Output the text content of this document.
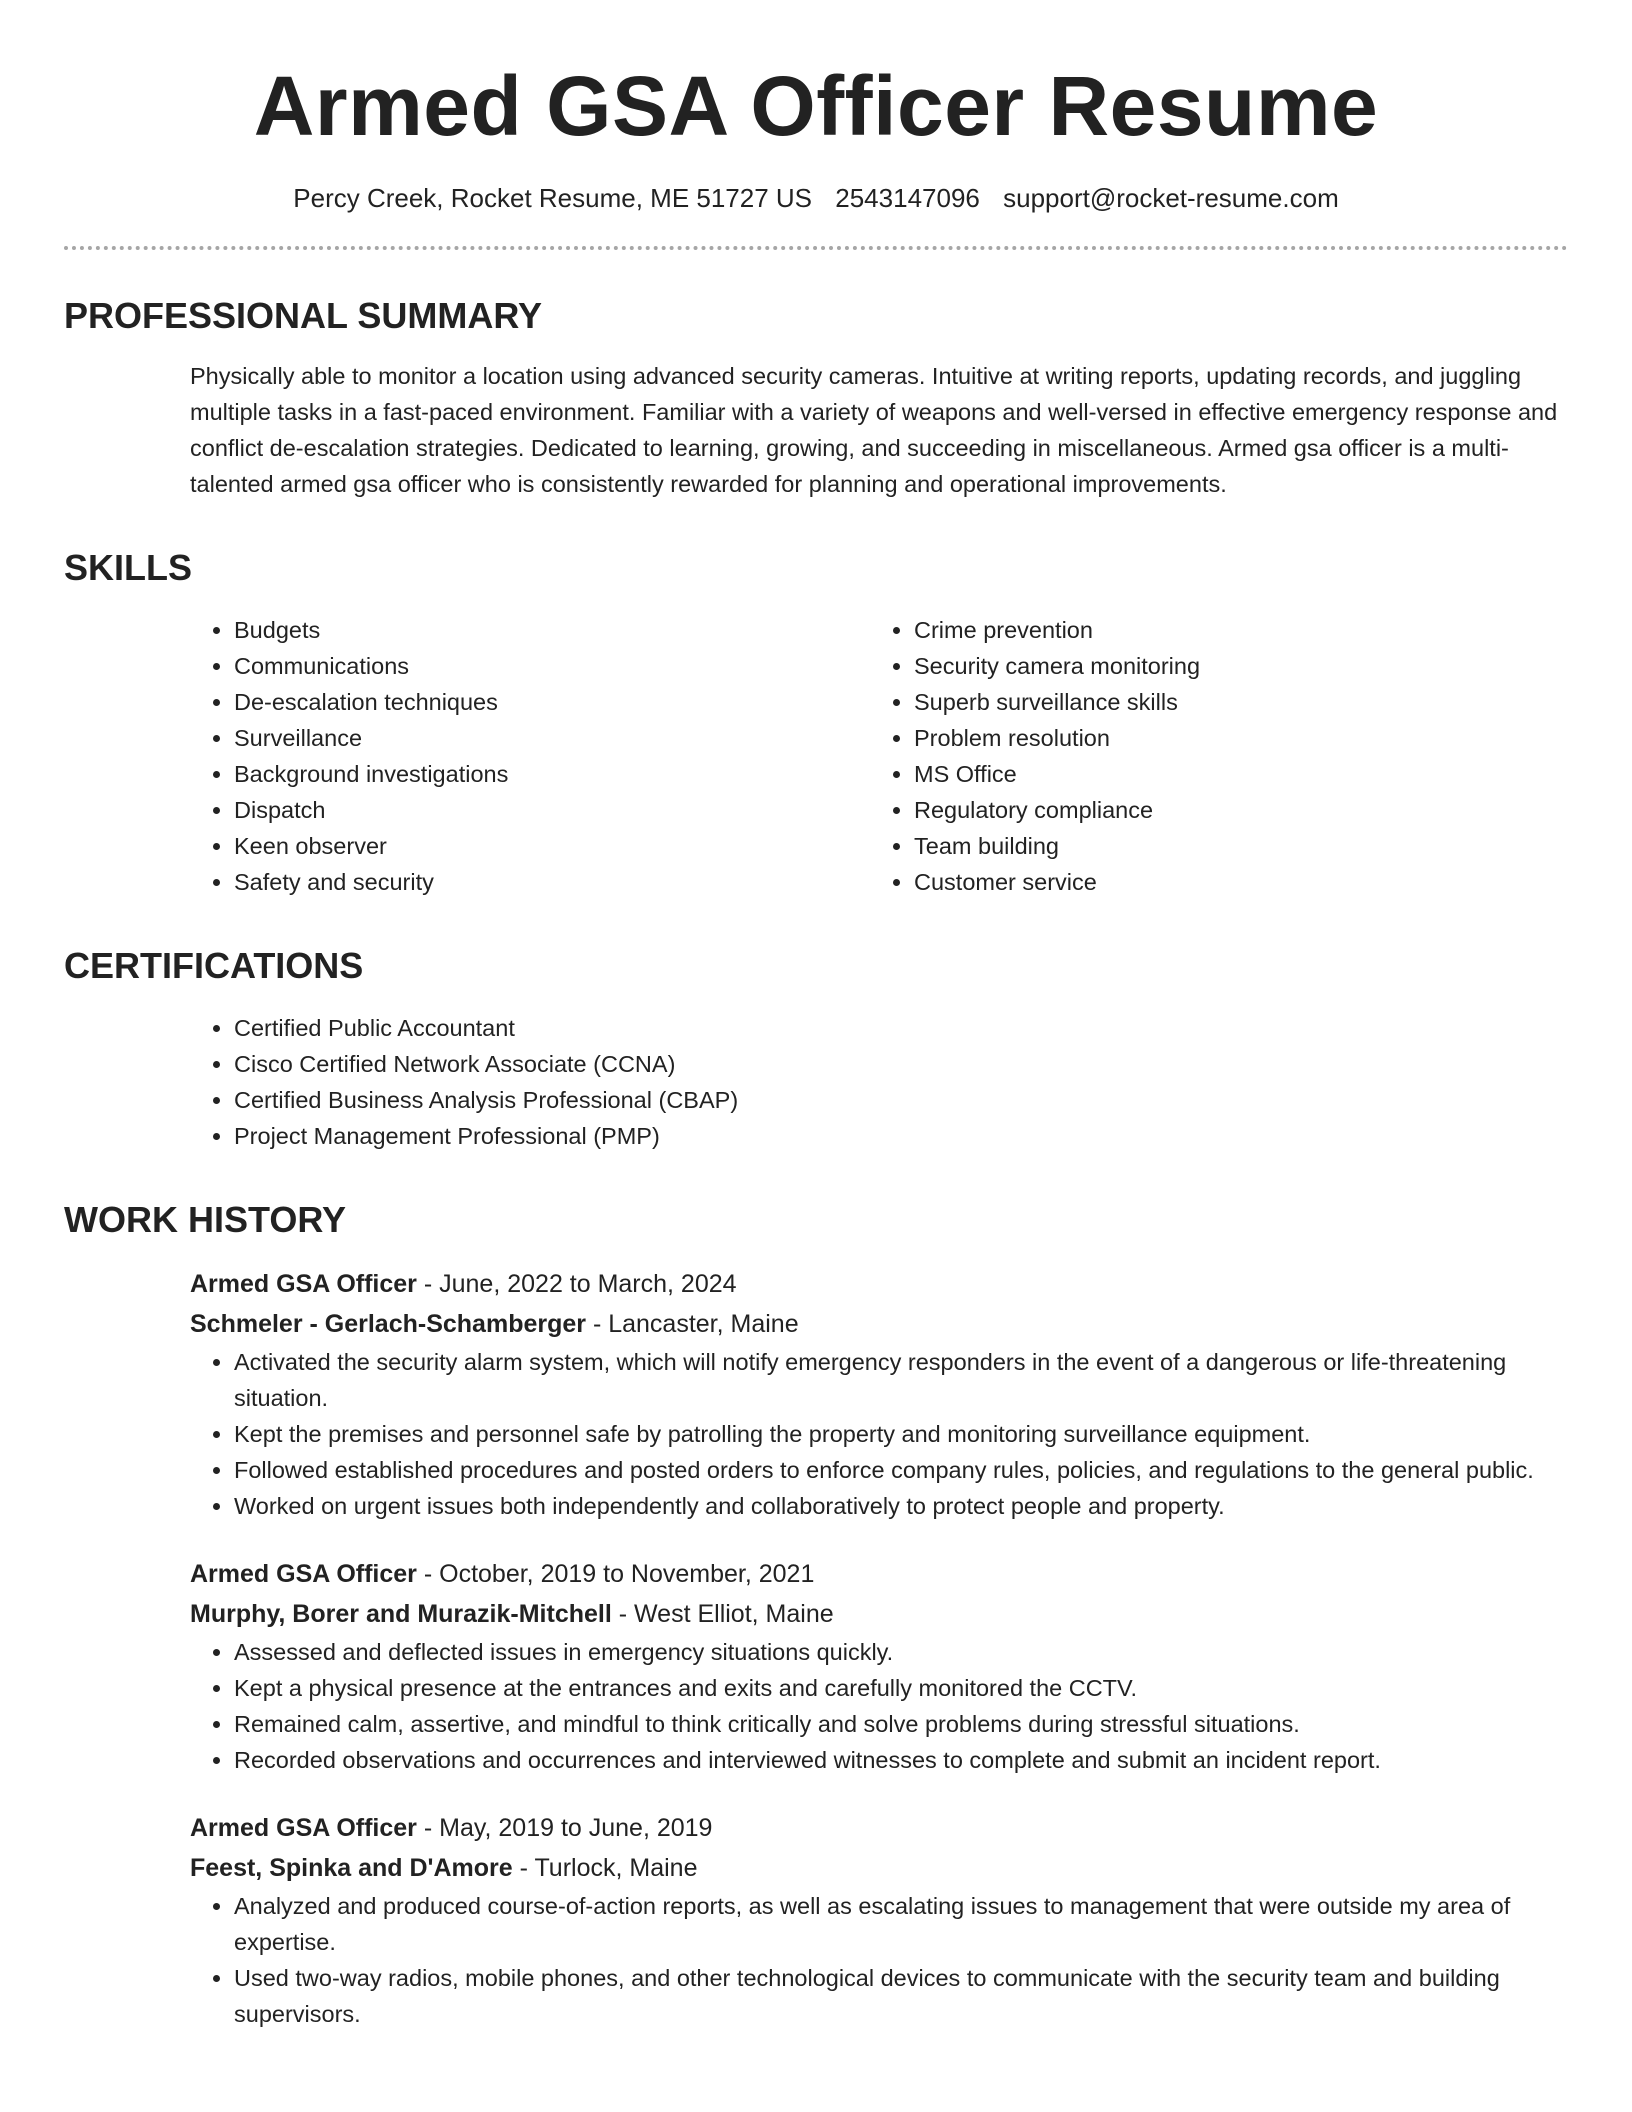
Armed GSA Officer Resume
Percy Creek, Rocket Resume, ME 51727 US 2543147096 support@rocket-resume.com
PROFESSIONAL SUMMARY
Physically able to monitor a location using advanced security cameras. Intuitive at writing reports, updating records, and juggling multiple tasks in a fast-paced environment. Familiar with a variety of weapons and well-versed in effective emergency response and conflict de-escalation strategies. Dedicated to learning, growing, and succeeding in miscellaneous. Armed gsa officer is a multi-talented armed gsa officer who is consistently rewarded for planning and operational improvements.
SKILLS
• Budgets
• Communications
• De-escalation techniques
• Surveillance
• Background investigations
• Dispatch
• Keen observer
• Safety and security
• Crime prevention
• Security camera monitoring
• Superb surveillance skills
• Problem resolution
• MS Office
• Regulatory compliance
• Team building
• Customer service
CERTIFICATIONS
• Certified Public Accountant
• Cisco Certified Network Associate (CCNA)
• Certified Business Analysis Professional (CBAP)
• Project Management Professional (PMP)
WORK HISTORY
Armed GSA Officer - June, 2022 to March, 2024
Schmeler - Gerlach-Schamberger - Lancaster, Maine
• Activated the security alarm system, which will notify emergency responders in the event of a dangerous or life-threatening situation.
• Kept the premises and personnel safe by patrolling the property and monitoring surveillance equipment.
• Followed established procedures and posted orders to enforce company rules, policies, and regulations to the general public.
• Worked on urgent issues both independently and collaboratively to protect people and property.
Armed GSA Officer - October, 2019 to November, 2021
Murphy, Borer and Murazik-Mitchell - West Elliot, Maine
• Assessed and deflected issues in emergency situations quickly.
• Kept a physical presence at the entrances and exits and carefully monitored the CCTV.
• Remained calm, assertive, and mindful to think critically and solve problems during stressful situations.
• Recorded observations and occurrences and interviewed witnesses to complete and submit an incident report.
Armed GSA Officer - May, 2019 to June, 2019
Feest, Spinka and D'Amore - Turlock, Maine
• Analyzed and produced course-of-action reports, as well as escalating issues to management that were outside my area of expertise.
• Used two-way radios, mobile phones, and other technological devices to communicate with the security team and building supervisors.
